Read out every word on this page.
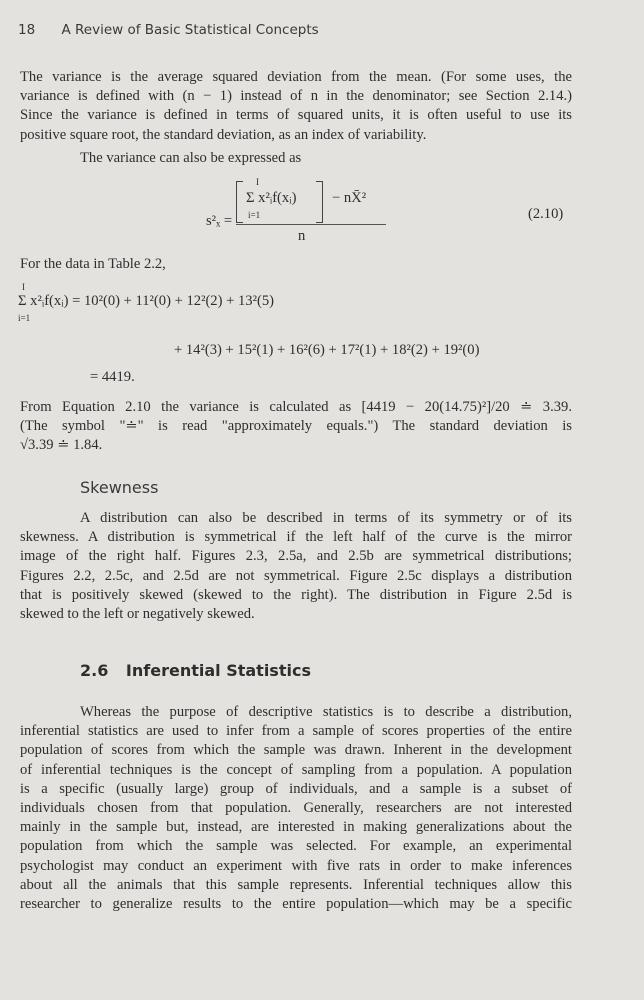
18 A Review of Basic Statistical Concepts
The variance is the average squared deviation from the mean. (For some uses, the
variance is defined with (n − 1) instead of n in the denominator; see Section 2.14.)
Since the variance is defined in terms of squared units, it is often useful to use its
positive square root, the standard deviation, as an index of variability.
The variance can also be expressed as
s²ₓ =
I
Σ x²ᵢf(xᵢ)
i=1
− nX̄²
n
(2.10)
For the data in Table 2.2,
I
Σ x²ᵢf(xᵢ) = 10²(0) + 11²(0) + 12²(2) + 13²(5)
i=1
+ 14²(3) + 15²(1) + 16²(6) + 17²(1) + 18²(2) + 19²(0)
= 4419.
From Equation 2.10 the variance is calculated as [4419 − 20(14.75)²]/20 ≐ 3.39.
(The symbol "≐" is read "approximately equals.") The standard deviation is
√3.39 ≐ 1.84.
Skewness
A distribution can also be described in terms of its symmetry or of its
skewness. A distribution is symmetrical if the left half of the curve is the mirror
image of the right half. Figures 2.3, 2.5a, and 2.5b are symmetrical distributions;
Figures 2.2, 2.5c, and 2.5d are not symmetrical. Figure 2.5c displays a distribution
that is positively skewed (skewed to the right). The distribution in Figure 2.5d is
skewed to the left or negatively skewed.
2.6 Inferential Statistics
Whereas the purpose of descriptive statistics is to describe a distribution,
inferential statistics are used to infer from a sample of scores properties of the entire
population of scores from which the sample was drawn. Inherent in the development
of inferential techniques is the concept of sampling from a population. A population
is a specific (usually large) group of individuals, and a sample is a subset of
individuals chosen from that population. Generally, researchers are not interested
mainly in the sample but, instead, are interested in making generalizations about the
population from which the sample was selected. For example, an experimental
psychologist may conduct an experiment with five rats in order to make inferences
about all the animals that this sample represents. Inferential techniques allow this
researcher to generalize results to the entire population—which may be a specific
